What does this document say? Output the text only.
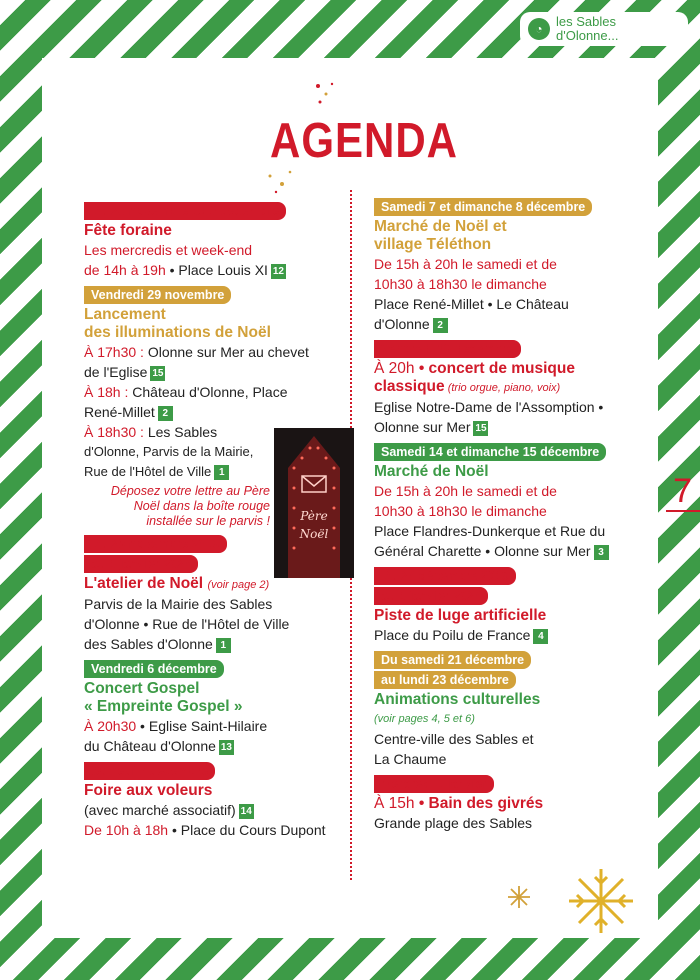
◔	les Sables
d'Olonne...
AGENDA
Du 23 novembre au 8 décembre
Fête foraine
Les mercredis et week-end
de 14h à 19h • Place Louis XI 12
Vendredi 29 novembre
Lancement
des illuminations de Noël
À 17h30 : Olonne sur Mer au chevet
de l'Eglise 15
À 18h : Château d'Olonne, Place
René-Millet 2
À 18h30 : Les Sables
d'Olonne, Parvis de la Mairie,
Rue de l'Hôtel de Ville 1
Déposez votre lettre au Père
Noël dans la boîte rouge
installée sur le parvis !
Du 29 novembre 2019
au 5 janvier 2020
L'atelier de Noël (voir page 2)
Parvis de la Mairie des Sables
d'Olonne • Rue de l'Hôtel de Ville
des Sables d'Olonne 1
Vendredi 6 décembre
Concert Gospel
« Empreinte Gospel »
À 20h30 • Eglise Saint-Hilaire
du Château d'Olonne 13
Samedi 7 décembre
Foire aux voleurs
(avec marché associatif) 14
De 10h à 18h • Place du Cours Dupont
Père
Noël
Samedi 7 et dimanche 8 décembre
Marché de Noël et
village Téléthon
De 15h à 20h le samedi et de
10h30 à 18h30 le dimanche
Place René-Millet • Le Château
d'Olonne 2
Vendredi 13 décembre
À 20h • concert de musique
classique (trio orgue, piano, voix)
Eglise Notre-Dame de l'Assomption •
Olonne sur Mer 15
Samedi 14 et dimanche 15 décembre
Marché de Noël
De 15h à 20h le samedi et de
10h30 à 18h30 le dimanche
Place Flandres-Dunkerque et Rue du
Général Charette • Olonne sur Mer 3
Du 20 décembre 2019
au 5 janvier 2020
Piste de luge artificielle
Place du Poilu de France 4
Du samedi 21 décembre
au lundi 23 décembre
Animations culturelles
(voir pages 4, 5 et 6)
Centre-ville des Sables et
La Chaume
Mercredi 1 janvier
À 15h • Bain des givrés
Grande plage des Sables
7
